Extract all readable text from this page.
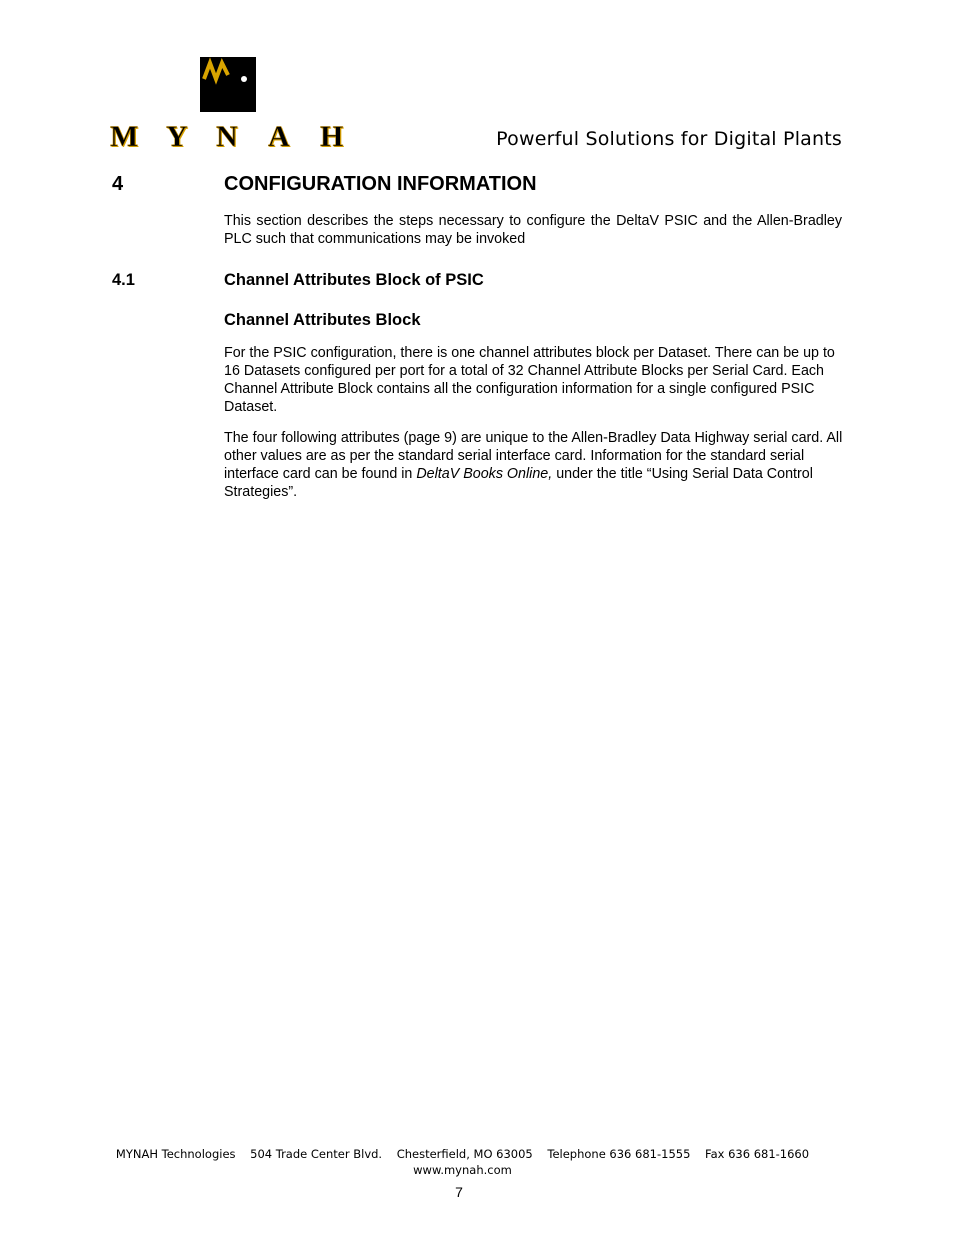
M Y N A H	Powerful Solutions for Digital Plants
4	CONFIGURATION INFORMATION
This section describes the steps necessary to configure the DeltaV PSIC and the Allen-Bradley PLC such that communications may be invoked
4.1	Channel Attributes Block of PSIC
Channel Attributes Block
For the PSIC configuration, there is one channel attributes block per Dataset. There can be up to 16 Datasets configured per port for a total of 32 Channel Attribute Blocks per Serial Card. Each Channel Attribute Block contains all the configuration information for a single configured PSIC Dataset.
The four following attributes (page 9) are unique to the Allen-Bradley Data Highway serial card. All other values are as per the standard serial interface card. Information for the standard serial interface card can be found in DeltaV Books Online, under the title “Using Serial Data Control Strategies”.
MYNAH Technologies    504 Trade Center Blvd.    Chesterfield, MO 63005    Telephone 636 681-1555    Fax 636 681-1660
www.mynah.com
7
